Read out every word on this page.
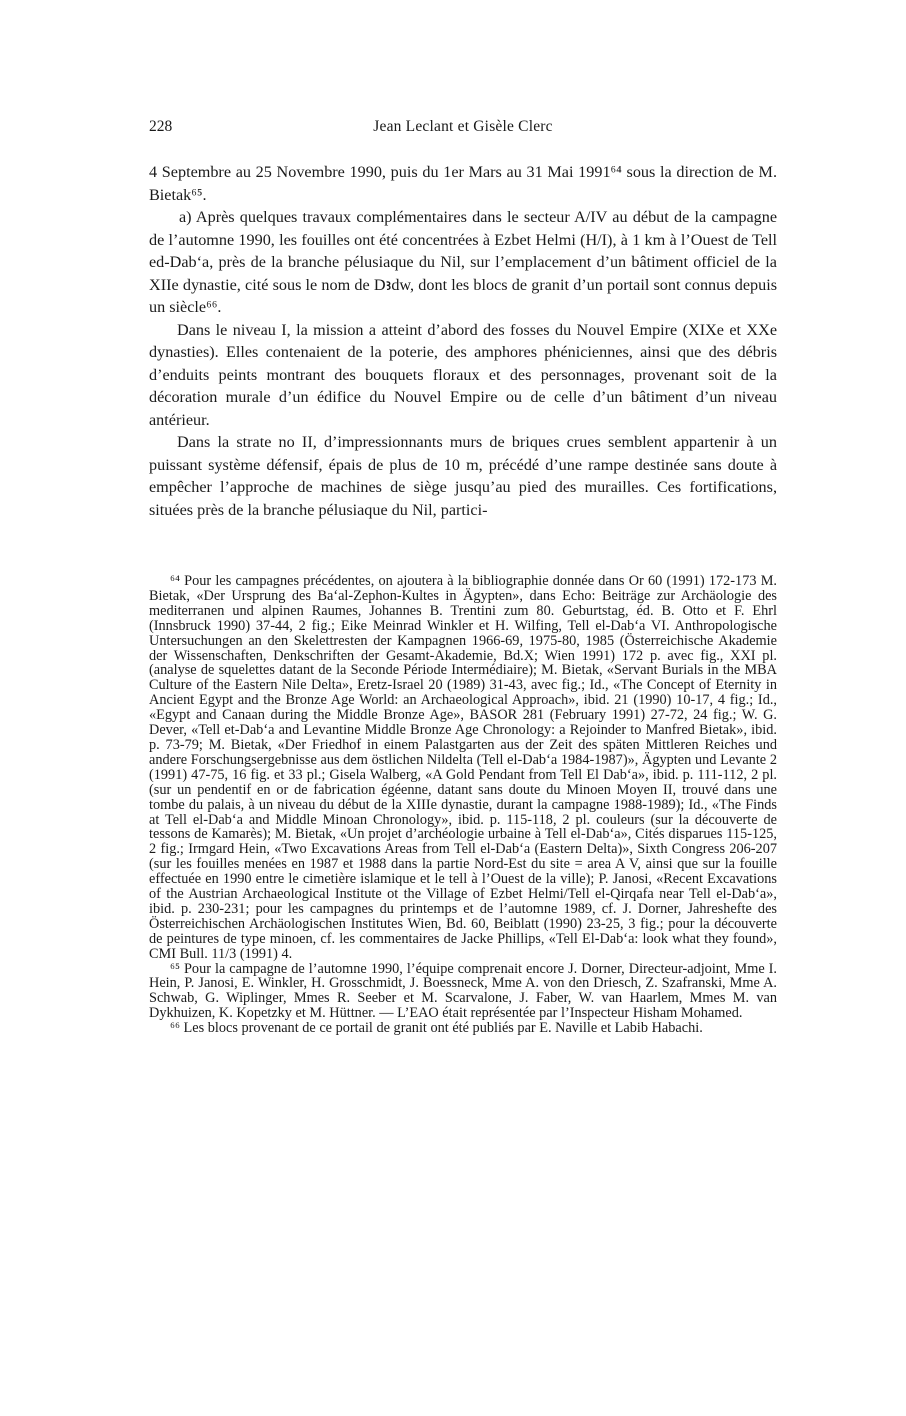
228	Jean Leclant et Gisèle Clerc

4 Septembre au 25 Novembre 1990, puis du 1er Mars au 31 Mai 1991⁶⁴ sous la direction de M. Bietak⁶⁵.

a) Après quelques travaux complémentaires dans le secteur A/IV au début de la campagne de l’automne 1990, les fouilles ont été concentrées à Ezbet Helmi (H/I), à 1 km à l’Ouest de Tell ed-Dab‘a, près de la branche pélusiaque du Nil, sur l’emplacement d’un bâtiment officiel de la XIIe dynastie, cité sous le nom de Dꜣdw, dont les blocs de granit d’un portail sont connus depuis un siècle⁶⁶.

Dans le niveau I, la mission a atteint d’abord des fosses du Nouvel Empire (XIXe et XXe dynasties). Elles contenaient de la poterie, des amphores phéniciennes, ainsi que des débris d’enduits peints montrant des bouquets floraux et des personnages, provenant soit de la décoration murale d’un édifice du Nouvel Empire ou de celle d’un bâtiment d’un niveau antérieur.

Dans la strate no II, d’impressionnants murs de briques crues semblent appartenir à un puissant système défensif, épais de plus de 10 m, précédé d’une rampe destinée sans doute à empêcher l’approche de machines de siège jusqu’au pied des murailles. Ces fortifications, situées près de la branche pélusiaque du Nil, partici-

⁶⁴ Pour les campagnes précédentes, on ajoutera à la bibliographie donnée dans Or 60 (1991) 172-173 M. Bietak, «Der Ursprung des Ba‘al-Zephon-Kultes in Ägypten», dans Echo: Beiträge zur Archäologie des mediterranen und alpinen Raumes, Johannes B. Trentini zum 80. Geburtstag, éd. B. Otto et F. Ehrl (Innsbruck 1990) 37-44, 2 fig.; Eike Meinrad Winkler et H. Wilfing, Tell el-Dab‘a VI. Anthropologische Untersuchungen an den Skelettresten der Kampagnen 1966-69, 1975-80, 1985 (Österreichische Akademie der Wissenschaften, Denkschriften der Gesamt-Akademie, Bd.X; Wien 1991) 172 p. avec fig., XXI pl. (analyse de squelettes datant de la Seconde Période Intermédiaire); M. Bietak, «Servant Burials in the MBA Culture of the Eastern Nile Delta», Eretz-Israel 20 (1989) 31-43, avec fig.; Id., «The Concept of Eternity in Ancient Egypt and the Bronze Age World: an Archaeological Approach», ibid. 21 (1990) 10-17, 4 fig.; Id., «Egypt and Canaan during the Middle Bronze Age», BASOR 281 (February 1991) 27-72, 24 fig.; W. G. Dever, «Tell et-Dab‘a and Levantine Middle Bronze Age Chronology: a Rejoinder to Manfred Bietak», ibid. p. 73-79; M. Bietak, «Der Friedhof in einem Palastgarten aus der Zeit des späten Mittleren Reiches und andere Forschungsergebnisse aus dem östlichen Nildelta (Tell el-Dab‘a 1984-1987)», Ägypten und Levante 2 (1991) 47-75, 16 fig. et 33 pl.; Gisela Walberg, «A Gold Pendant from Tell El Dab‘a», ibid. p. 111-112, 2 pl. (sur un pendentif en or de fabrication égéenne, datant sans doute du Minoen Moyen II, trouvé dans une tombe du palais, à un niveau du début de la XIIIe dynastie, durant la campagne 1988-1989); Id., «The Finds at Tell el-Dab‘a and Middle Minoan Chronology», ibid. p. 115-118, 2 pl. couleurs (sur la découverte de tessons de Kamarès); M. Bietak, «Un projet d’archéologie urbaine à Tell el-Dab‘a», Cités disparues 115-125, 2 fig.; Irmgard Hein, «Two Excavations Areas from Tell el-Dab‘a (Eastern Delta)», Sixth Congress 206-207 (sur les fouilles menées en 1987 et 1988 dans la partie Nord-Est du site = area A V, ainsi que sur la fouille effectuée en 1990 entre le cimetière islamique et le tell à l’Ouest de la ville); P. Janosi, «Recent Excavations of the Austrian Archaeological Institute ot the Village of Ezbet Helmi/Tell el-Qirqafa near Tell el-Dab‘a», ibid. p. 230-231; pour les campagnes du printemps et de l’automne 1989, cf. J. Dorner, Jahreshefte des Österreichischen Archäologischen Institutes Wien, Bd. 60, Beiblatt (1990) 23-25, 3 fig.; pour la découverte de peintures de type minoen, cf. les commentaires de Jacke Phillips, «Tell El-Dab‘a: look what they found», CMI Bull. 11/3 (1991) 4.

⁶⁵ Pour la campagne de l’automne 1990, l’équipe comprenait encore J. Dorner, Directeur-adjoint, Mme I. Hein, P. Janosi, E. Winkler, H. Grosschmidt, J. Boessneck, Mme A. von den Driesch, Z. Szafranski, Mme A. Schwab, G. Wiplinger, Mmes R. Seeber et M. Scarvalone, J. Faber, W. van Haarlem, Mmes M. van Dykhuizen, K. Kopetzky et M. Hüttner. — L’EAO était représentée par l’Inspecteur Hisham Mohamed.

⁶⁶ Les blocs provenant de ce portail de granit ont été publiés par E. Naville et Labib Habachi.
